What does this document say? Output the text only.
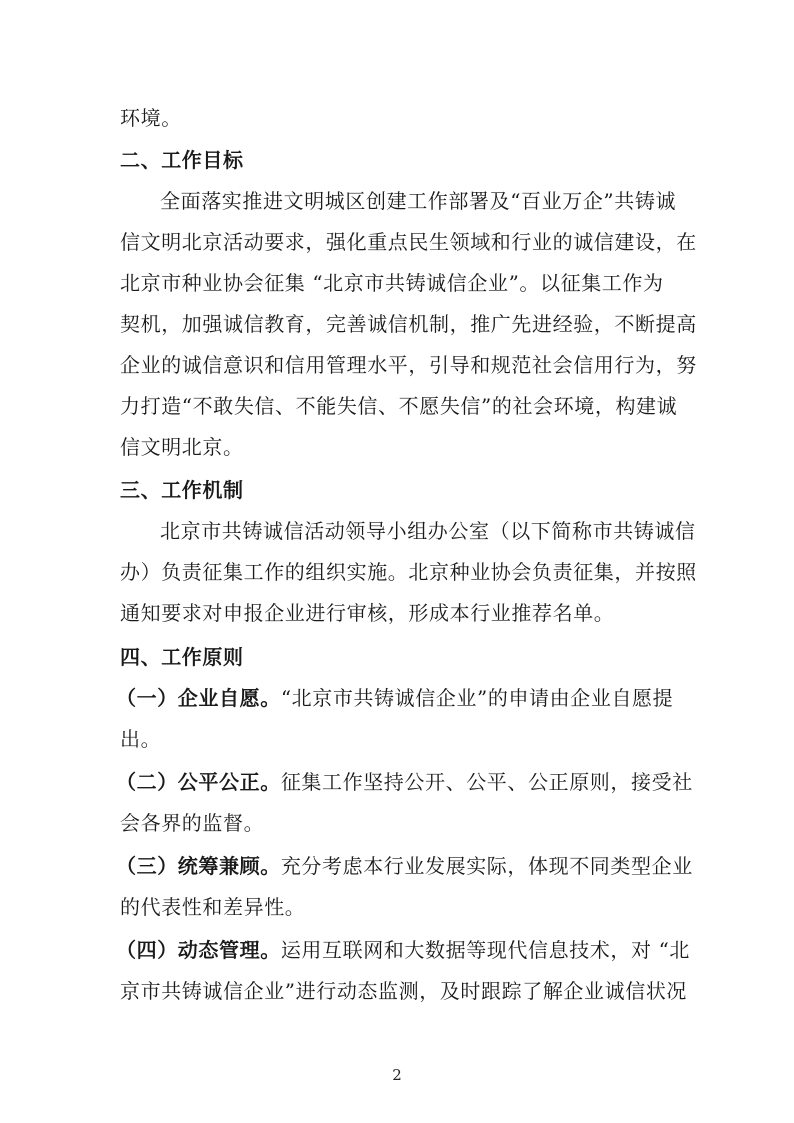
环境。
二、工作目标
全面落实推进文明城区创建工作部署及“百业万企”共铸诚
信文明北京活动要求，强化重点民生领域和行业的诚信建设，在
北京市种业协会征集 “北京市共铸诚信企业”。以征集工作为
契机，加强诚信教育，完善诚信机制，推广先进经验，不断提高
企业的诚信意识和信用管理水平，引导和规范社会信用行为，努
力打造“不敢失信、不能失信、不愿失信”的社会环境，构建诚
信文明北京。
三、工作机制
北京市共铸诚信活动领导小组办公室（以下简称市共铸诚信
办）负责征集工作的组织实施。北京种业协会负责征集，并按照
通知要求对申报企业进行审核，形成本行业推荐名单。
四、工作原则
（一）企业自愿。“北京市共铸诚信企业”的申请由企业自愿提
出。
（二）公平公正。征集工作坚持公开、公平、公正原则，接受社
会各界的监督。
（三）统筹兼顾。充分考虑本行业发展实际，体现不同类型企业
的代表性和差异性。
（四）动态管理。运用互联网和大数据等现代信息技术，对 “北
京市共铸诚信企业”进行动态监测，及时跟踪了解企业诚信状况
2
